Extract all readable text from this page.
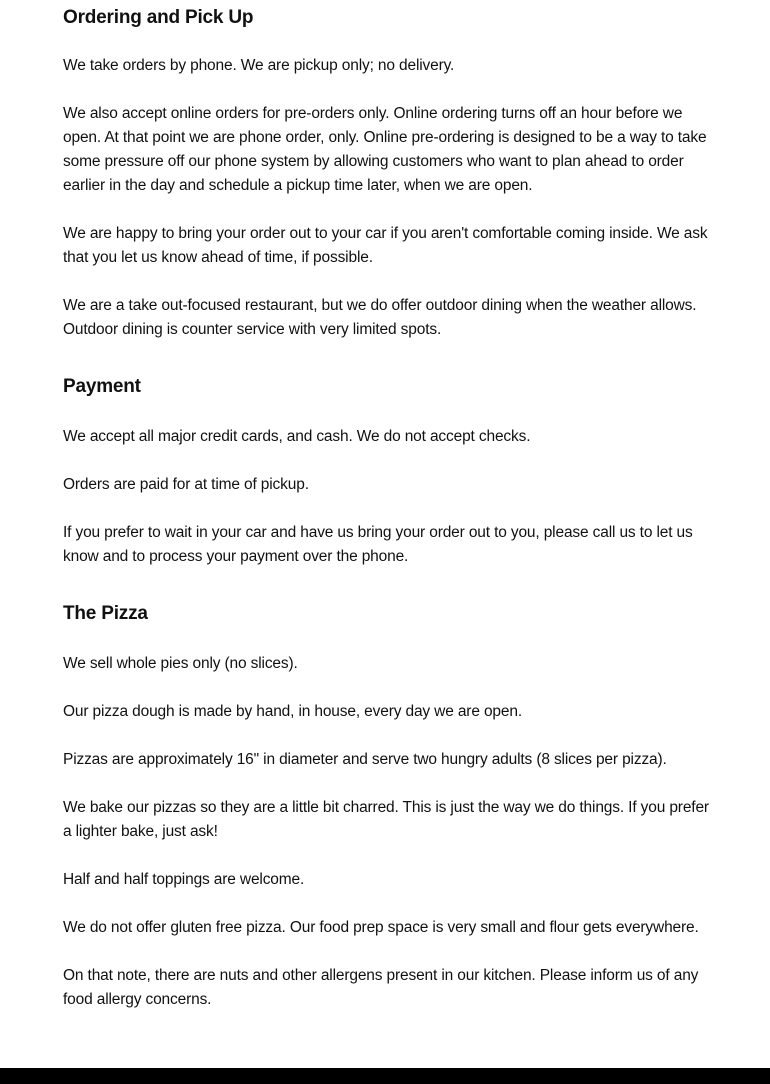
Ordering and Pick Up

We take orders by phone. We are pickup only; no delivery.

We also accept online orders for pre-orders only. Online ordering turns off an hour before we open. At that point we are phone order, only. Online pre-ordering is designed to be a way to take some pressure off our phone system by allowing customers who want to plan ahead to order earlier in the day and schedule a pickup time later, when we are open.

We are happy to bring your order out to your car if you aren't comfortable coming inside. We ask that you let us know ahead of time, if possible.

We are a take out-focused restaurant, but we do offer outdoor dining when the weather allows. Outdoor dining is counter service with very limited spots.

Payment

We accept all major credit cards, and cash. We do not accept checks.

Orders are paid for at time of pickup.

If you prefer to wait in your car and have us bring your order out to you, please call us to let us know and to process your payment over the phone.

The Pizza

We sell whole pies only (no slices).

Our pizza dough is made by hand, in house, every day we are open.

Pizzas are approximately 16" in diameter and serve two hungry adults (8 slices per pizza).

We bake our pizzas so they are a little bit charred. This is just the way we do things. If you prefer a lighter bake, just ask!

Half and half toppings are welcome.

We do not offer gluten free pizza. Our food prep space is very small and flour gets everywhere.

On that note, there are nuts and other allergens present in our kitchen. Please inform us of any food allergy concerns.
